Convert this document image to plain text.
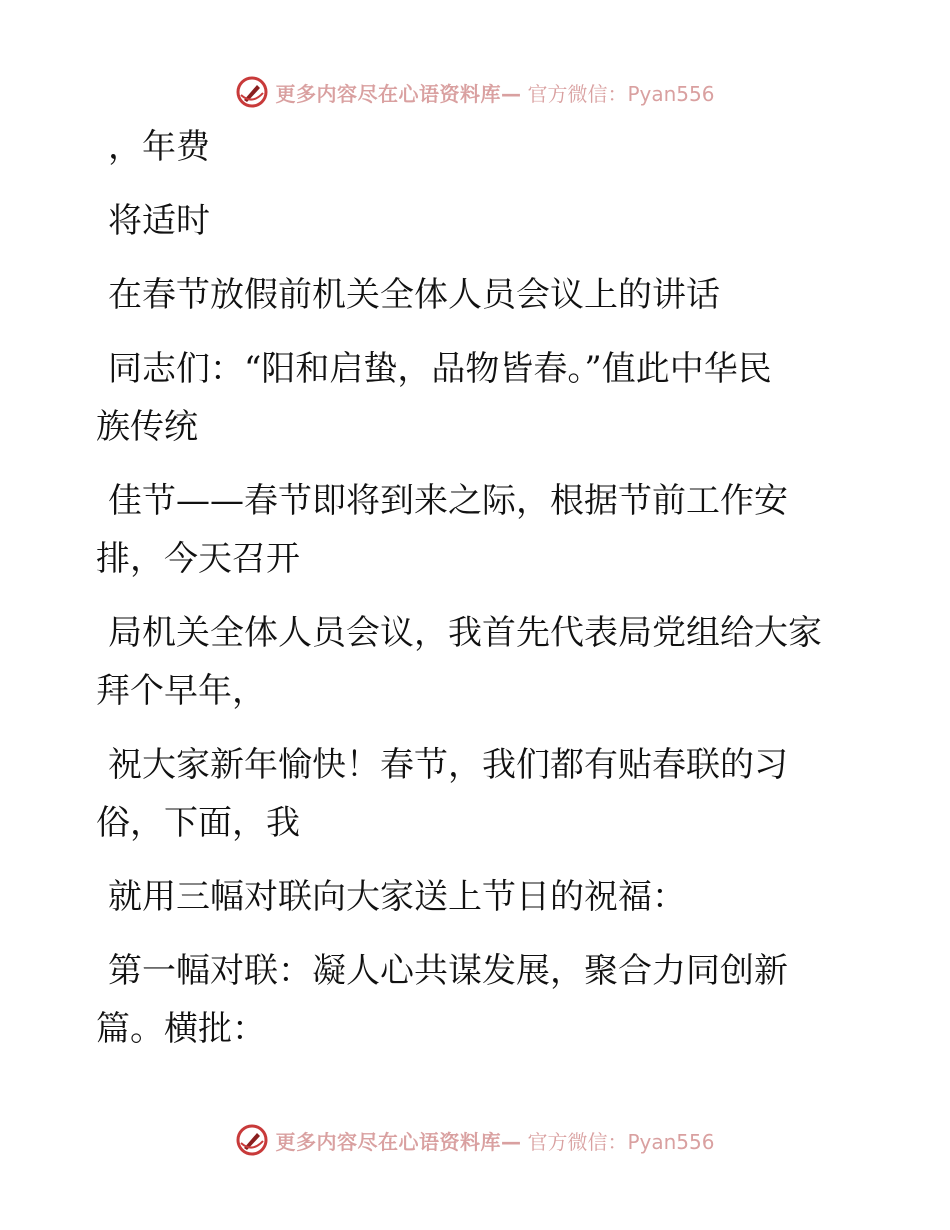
更多内容尽在心语资料库— 官方微信：Pyan556
，年费
将适时
在春节放假前机关全体人员会议上的讲话
同志们：“阳和启蛰，品物皆春。”值此中华民
族传统
佳节——春节即将到来之际，根据节前工作安
排，今天召开
局机关全体人员会议，我首先代表局党组给大家
拜个早年，
祝大家新年愉快！春节，我们都有贴春联的习
俗，下面，我
就用三幅对联向大家送上节日的祝福：
第一幅对联：凝人心共谋发展，聚合力同创新
篇。横批：
更多内容尽在心语资料库— 官方微信：Pyan556
